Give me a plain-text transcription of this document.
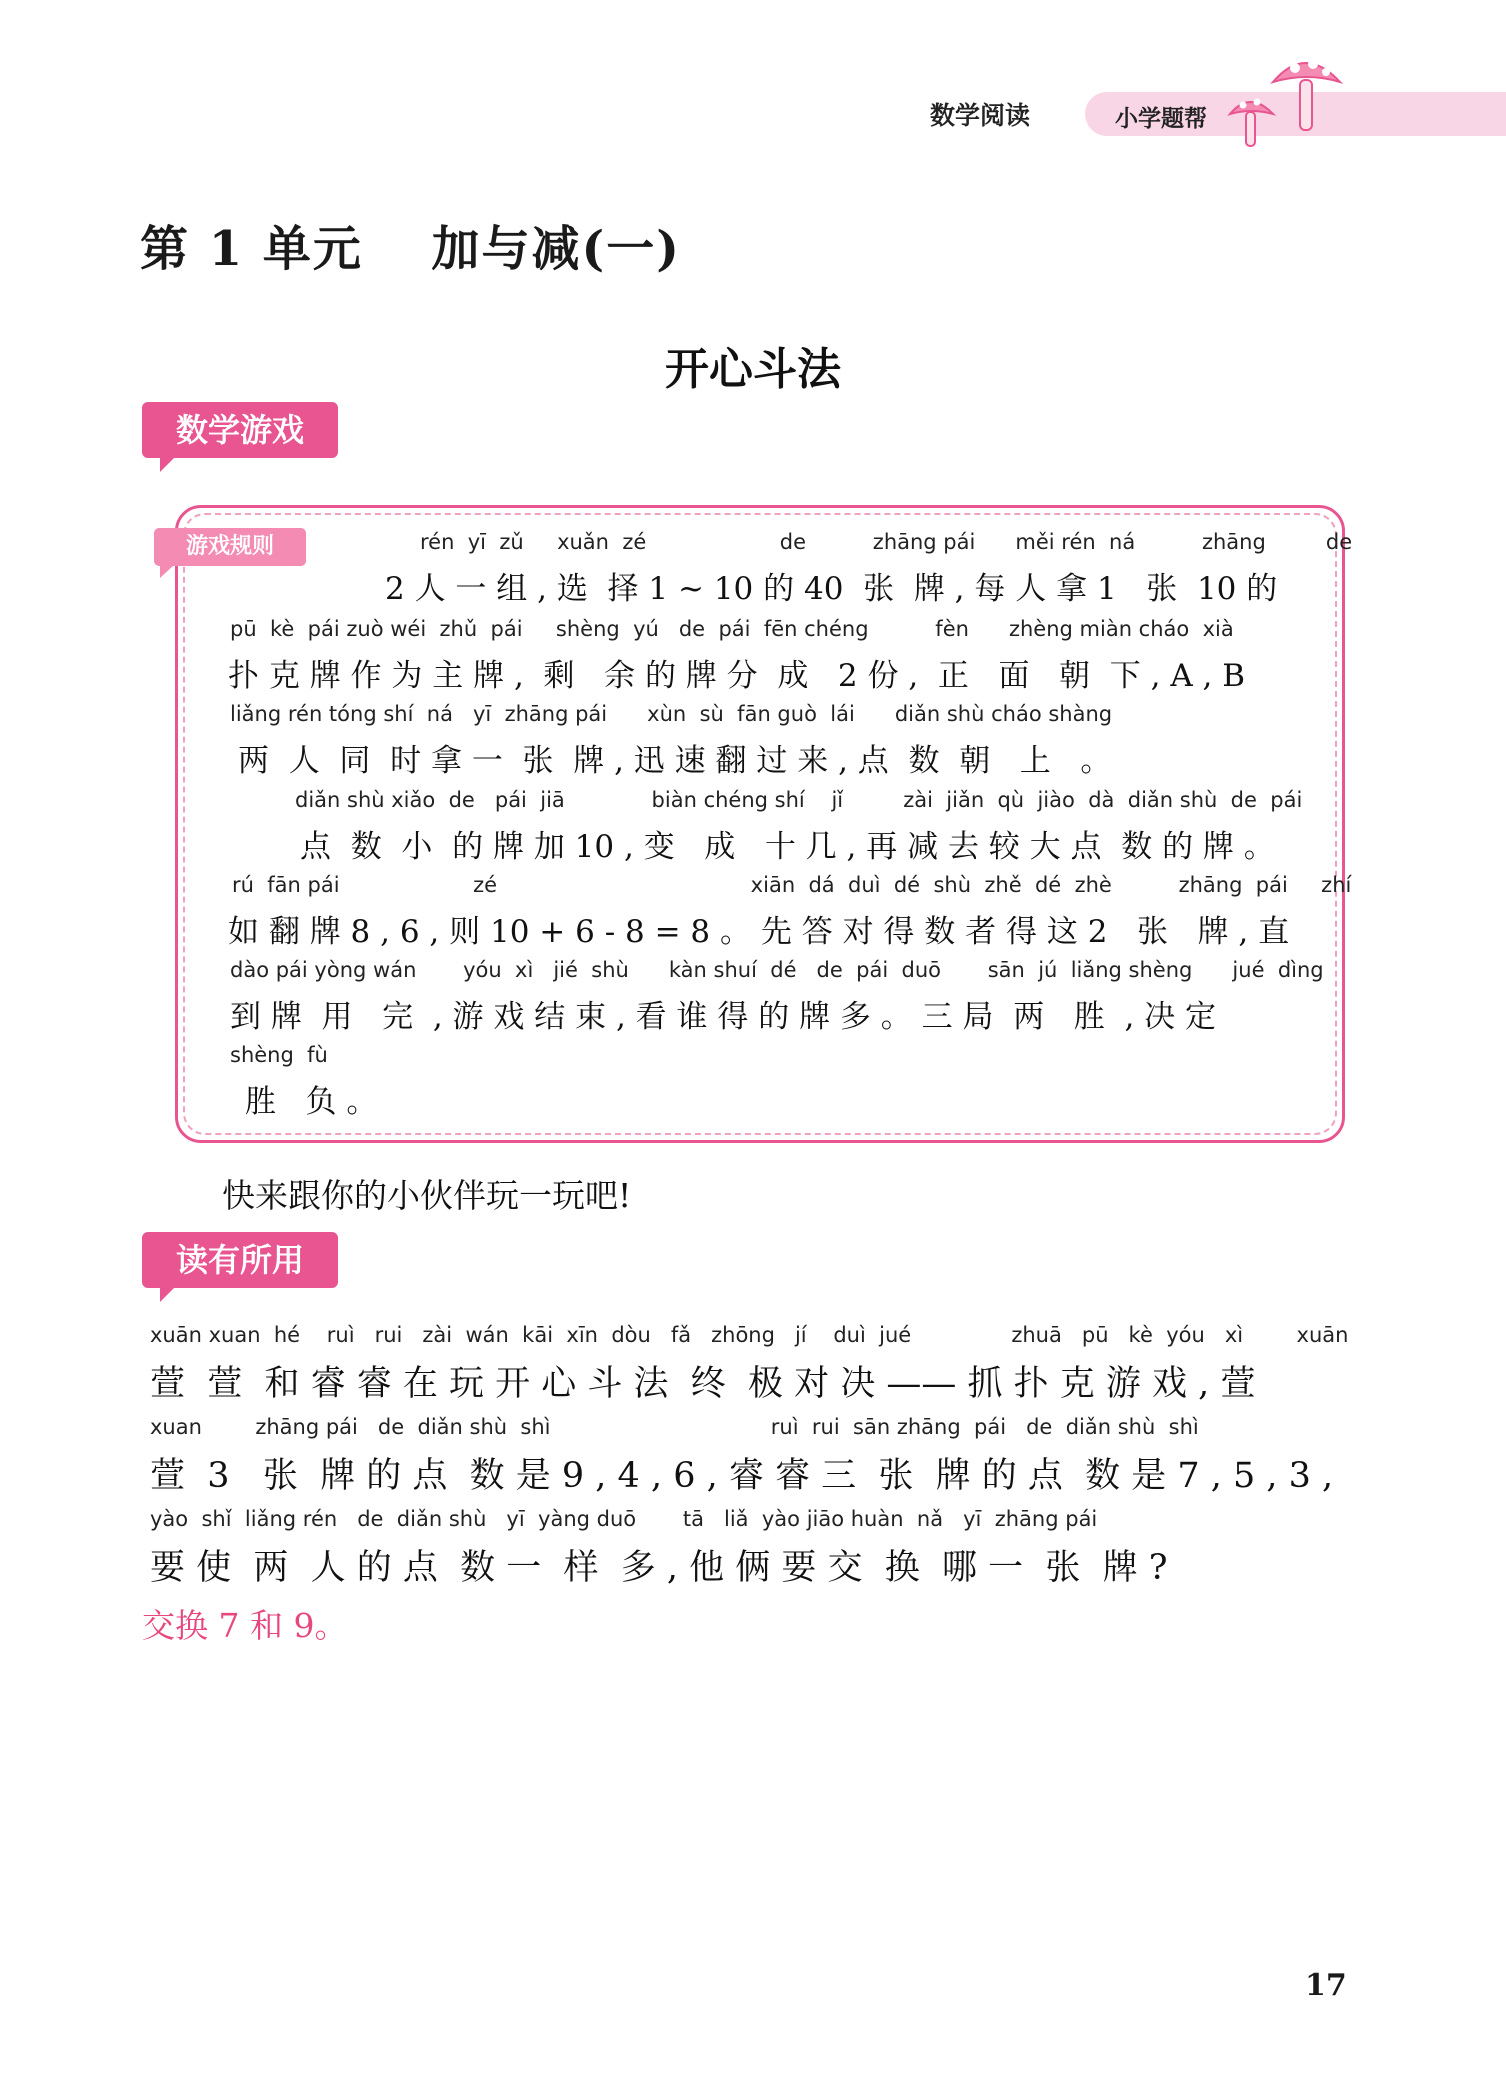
数学阅读	小学题帮
第 1 单元　 加与减(一)
开心斗法
数学游戏
游戏规则	rén  yī  zǔ     xuǎn  zé                    de          zhāng pái      měi rén  ná          zhāng         de
2 人 一 组 , 选  择 1 ~ 10 的 40  张  牌 , 每 人 拿 1   张  10 的
pū  kè  pái zuò wéi  zhǔ  pái     shèng  yú   de  pái  fēn chéng          fèn      zhèng miàn cháo  xià
扑 克 牌 作 为 主 牌 ,  剩   余 的 牌 分  成   2 份 ,  正   面   朝  下 , A , B
liǎng rén tóng shí  ná   yī  zhāng pái      xùn  sù  fān guò  lái      diǎn shù cháo shàng
两  人  同  时 拿 一  张  牌 , 迅 速 翻 过 来 , 点  数  朝   上   。
diǎn shù xiǎo  de   pái  jiā             biàn chéng shí    jǐ         zài  jiǎn  qù  jiào  dà  diǎn shù  de  pái
点  数  小  的 牌 加 10 , 变   成   十 几 , 再 减 去 较 大 点  数 的 牌 。
rú  fān pái                    zé                                      xiān  dá  duì  dé  shù  zhě  dé  zhè          zhāng  pái     zhí
如 翻 牌 8 , 6 , 则 10 + 6 - 8 = 8 。 先 答 对 得 数 者 得 这 2   张   牌 , 直
dào pái yòng wán       yóu  xì   jié  shù      kàn shuí  dé   de  pái  duō       sān  jú  liǎng shèng      jué  dìng
到 牌  用   完  , 游 戏 结 束 , 看 谁 得 的 牌 多 。 三 局  两   胜  , 决 定
shèng  fù
胜   负 。
快来跟你的小伙伴玩一玩吧!
读有所用
xuān xuan  hé    ruì   rui   zài  wán  kāi  xīn  dòu   fǎ   zhōng   jí    duì  jué               zhuā   pū   kè  yóu   xì        xuān
萱  萱  和 睿 睿 在 玩 开 心 斗 法  终  极 对 决 —— 抓 扑 克 游 戏 , 萱
xuan        zhāng pái   de  diǎn shù  shì                                 ruì  rui  sān zhāng  pái   de  diǎn shù  shì
萱  3   张  牌 的 点  数 是 9 , 4 , 6 , 睿 睿 三  张  牌 的 点  数 是 7 , 5 , 3 ,
yào  shǐ  liǎng rén   de  diǎn shù   yī  yàng duō       tā   liǎ  yào jiāo huàn  nǎ   yī  zhāng pái
要 使  两  人 的 点  数 一  样  多 , 他 俩 要 交  换  哪 一  张  牌 ?
交换 7 和 9。
17
